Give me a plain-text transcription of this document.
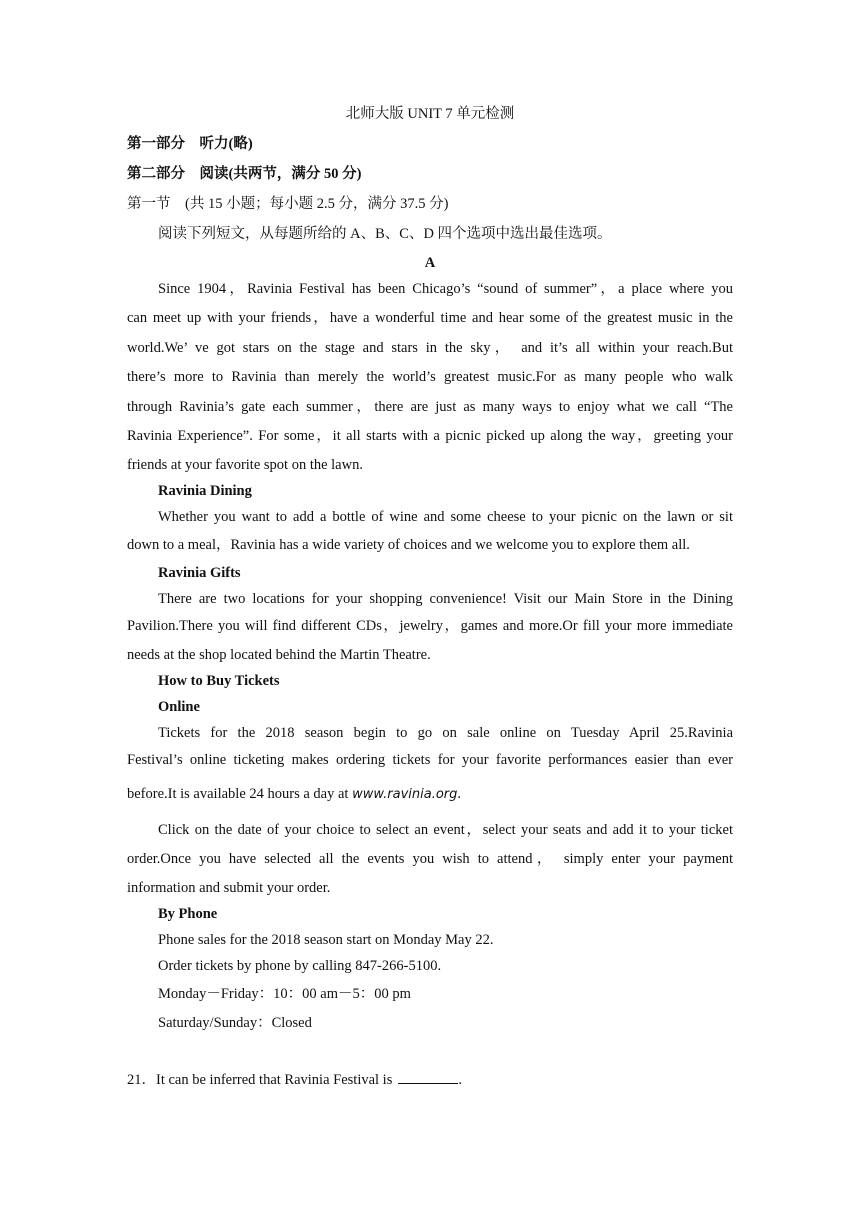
北师大版 UNIT 7 单元检测
第一部分　听力(略)
第二部分　阅读(共两节，满分 50 分)
第一节　(共 15 小题；每小题 2.5 分，满分 37.5 分)
阅读下列短文，从每题所给的 A、B、C、D 四个选项中选出最佳选项。
A
Since 1904，Ravinia Festival has been Chicago’s “sound of summer”，a place where you
can meet up with your friends，have a wonderful time and hear some of the greatest music in the
world.We’ ve got stars on the stage and stars in the sky， and it’s all within your reach.But
there’s more to Ravinia than merely the world’s greatest music.For as many people who walk
through Ravinia’s gate each summer，there are just as many ways to enjoy what we call “The
Ravinia Experience”. For some，it all starts with a picnic picked up along the way，greeting your
friends at your favorite spot on the lawn.
Ravinia Dining
Whether you want to add a bottle of wine and some cheese to your picnic on the lawn or sit
down to a meal，Ravinia has a wide variety of choices and we welcome you to explore them all.
Ravinia Gifts
There are two locations for your shopping convenience! Visit our Main Store in the Dining
Pavilion.There you will find different CDs，jewelry，games and more.Or fill your more immediate
needs at the shop located behind the Martin Theatre.
How to Buy Tickets
Online
Tickets for the 2018 season begin to go on sale online on Tuesday April 25.Ravinia
Festival’s online ticketing makes ordering tickets for your favorite performances easier than ever
before.It is available 24 hours a day at www.ravinia.org.
Click on the date of your choice to select an event，select your seats and add it to your ticket
order.Once you have selected all the events you wish to attend， simply enter your payment
information and submit your order.
By Phone
Phone sales for the 2018 season start on Monday May 22.
Order tickets by phone by calling 847-266-5100.
Monday－Friday：10：00 am－5：00 pm
Saturday/Sunday：Closed
21．It can be inferred that Ravinia Festival is	.
